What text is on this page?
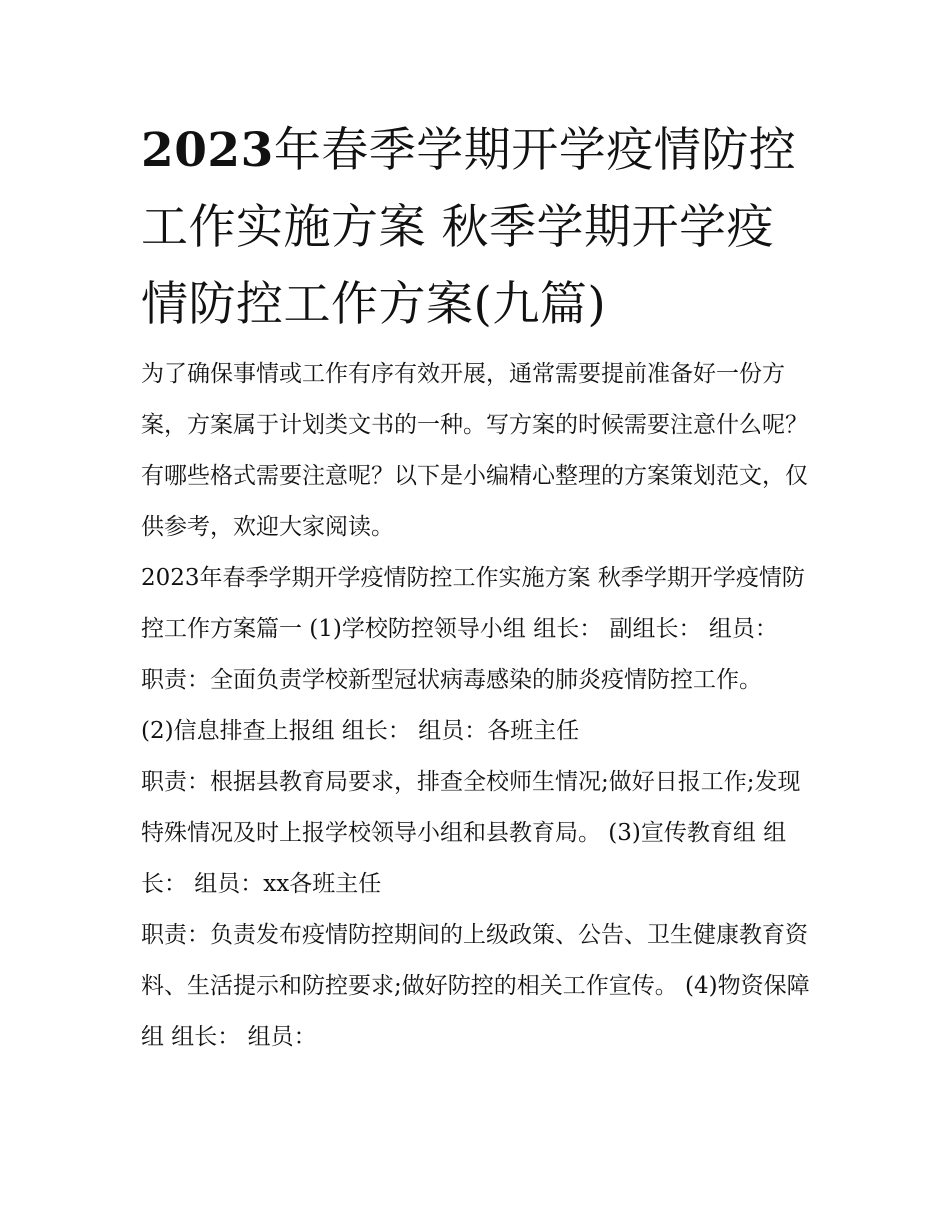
2023年春季学期开学疫情防控工作实施方案 秋季学期开学疫情防控工作方案(九篇)

为了确保事情或工作有序有效开展，通常需要提前准备好一份方案，方案属于计划类文书的一种。写方案的时候需要注意什么呢？有哪些格式需要注意呢？以下是小编精心整理的方案策划范文，仅供参考，欢迎大家阅读。

2023年春季学期开学疫情防控工作实施方案 秋季学期开学疫情防控工作方案篇一 (1)学校防控领导小组 组长： 副组长： 组员：

职责：全面负责学校新型冠状病毒感染的肺炎疫情防控工作。

(2)信息排查上报组 组长： 组员：各班主任

职责：根据县教育局要求，排查全校师生情况;做好日报工作;发现特殊情况及时上报学校领导小组和县教育局。 (3)宣传教育组 组长： 组员：xx各班主任

职责：负责发布疫情防控期间的上级政策、公告、卫生健康教育资料、生活提示和防控要求;做好防控的相关工作宣传。 (4)物资保障组 组长： 组员：
